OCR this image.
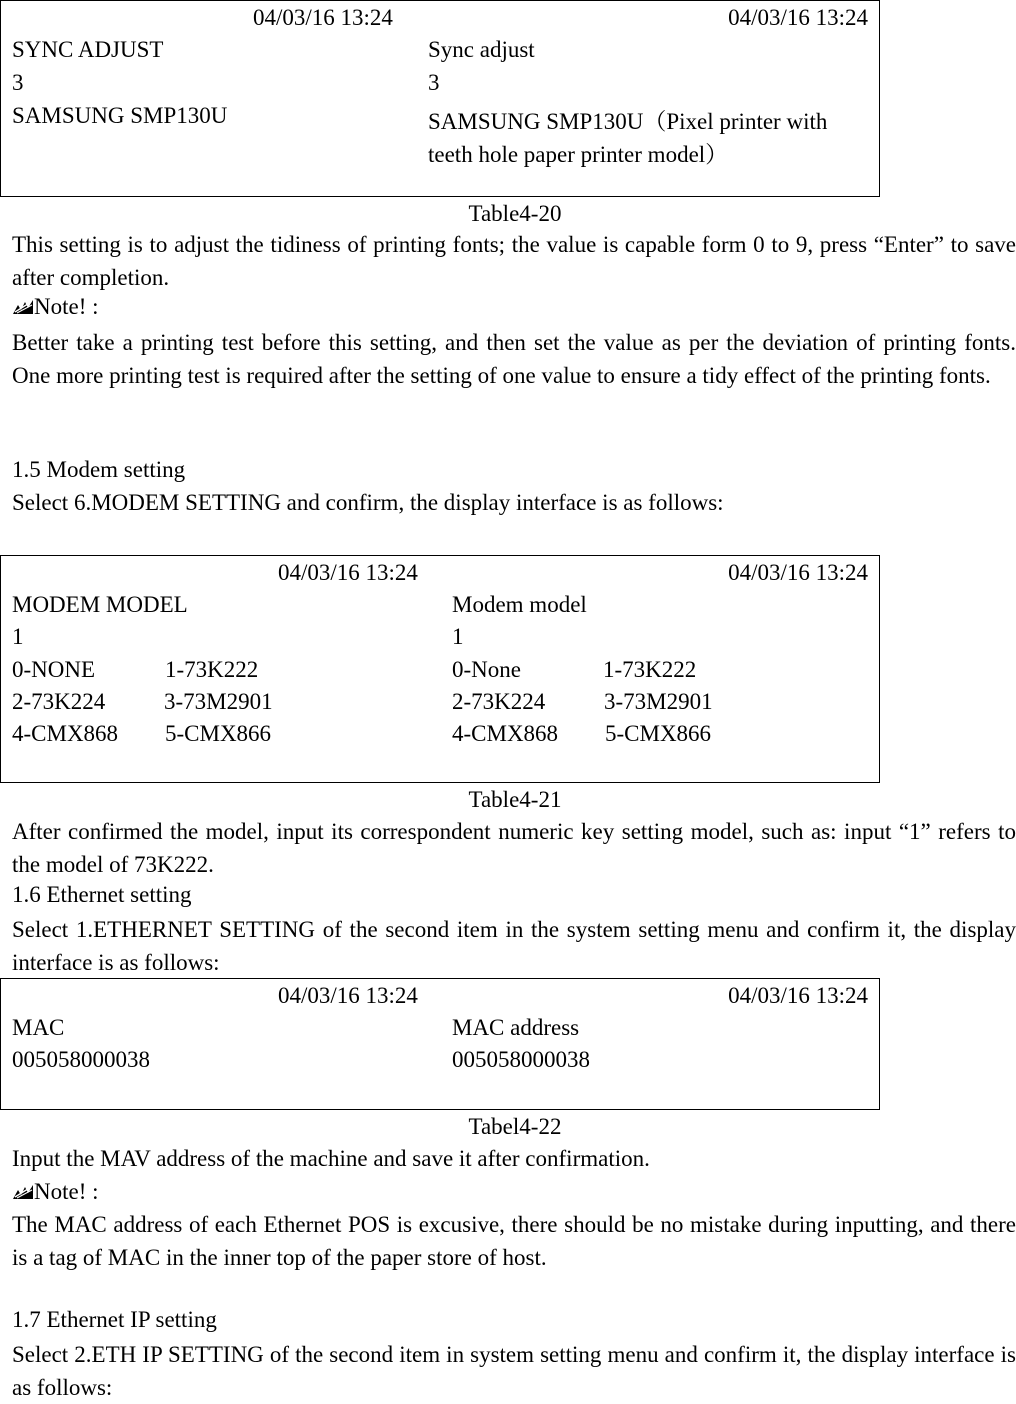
04/03/16 13:24	04/03/16 13:24
SYNC ADJUST	Sync adjust
3	3
SAMSUNG SMP130U	SAMSUNG SMP130U（Pixel printer with
teeth hole paper printer model）
Table4-20
This setting is to adjust the tidiness of printing fonts; the value is capable form 0 to 9, press “Enter” to save after completion.
Note! :
Better take a printing test before this setting, and then set the value as per the deviation of printing fonts. One more printing test is required after the setting of one value to ensure a tidy effect of the printing fonts.
1.5 Modem setting
Select 6.MODEM SETTING and confirm, the display interface is as follows:
04/03/16 13:24	04/03/16 13:24
MODEM MODEL	Modem model
1	1
0-NONE	1-73K222	0-None	1-73K222
2-73K224	3-73M2901	2-73K224	3-73M2901
4-CMX868 5-CMX866	4-CMX868 5-CMX866
Table4-21
After confirmed the model, input its correspondent numeric key setting model, such as: input “1” refers to the model of 73K222.
1.6 Ethernet setting
Select 1.ETHERNET SETTING of the second item in the system setting menu and confirm it, the display interface is as follows:
04/03/16 13:24	04/03/16 13:24
MAC	MAC address
005058000038	005058000038
Tabel4-22
Input the MAV address of the machine and save it after confirmation.
Note! :
The MAC address of each Ethernet POS is excusive, there should be no mistake during inputting, and there is a tag of MAC in the inner top of the paper store of host.
1.7 Ethernet IP setting
Select 2.ETH IP SETTING of the second item in system setting menu and confirm it, the display interface is as follows:
